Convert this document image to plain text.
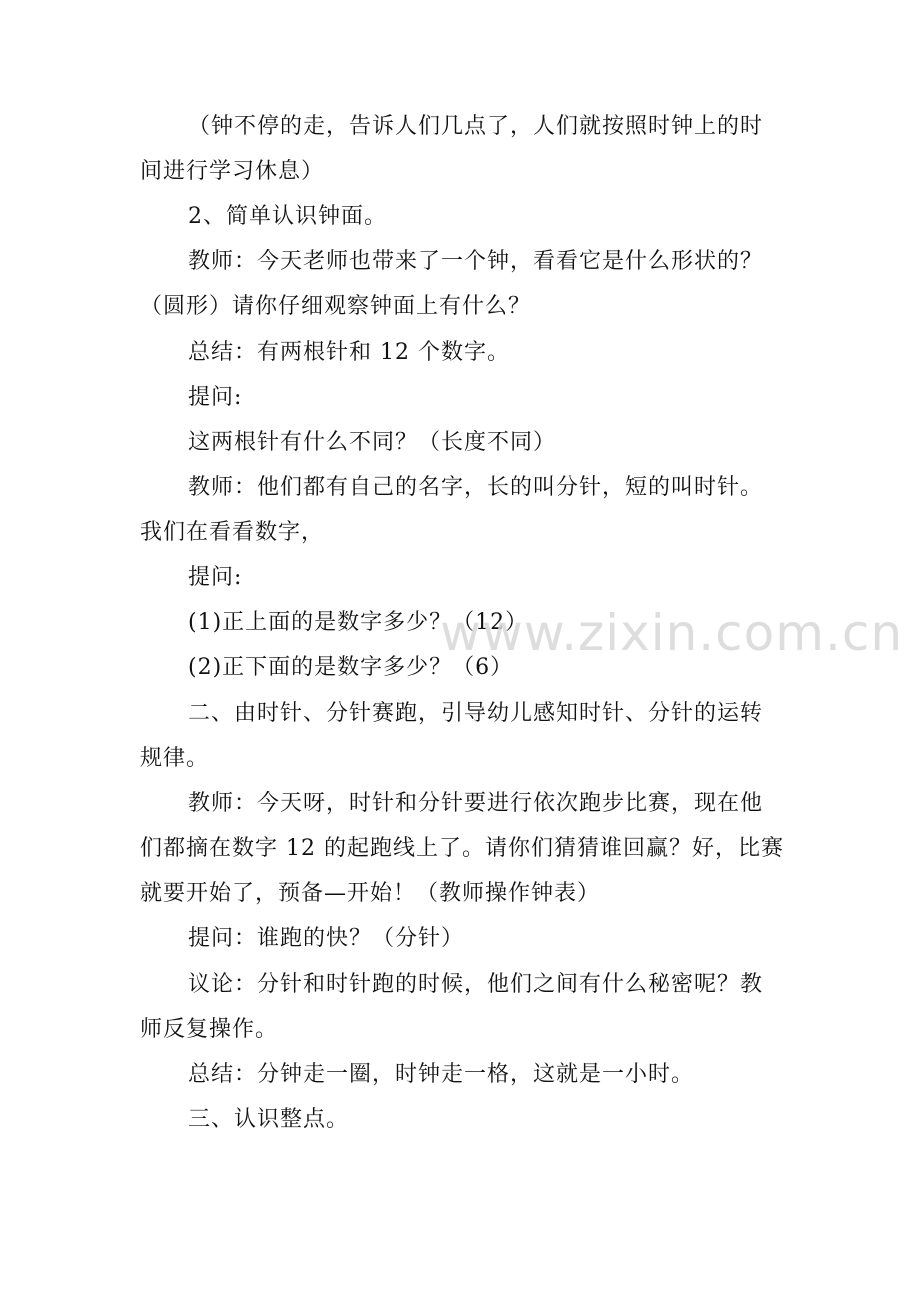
（钟不停的走，告诉人们几点了，人们就按照时钟上的时
间进行学习休息）
2、简单认识钟面。
教师：今天老师也带来了一个钟，看看它是什么形状的？
（圆形）请你仔细观察钟面上有什么？
总结：有两根针和 12 个数字。
提问:
这两根针有什么不同？（长度不同）
教师：他们都有自己的名字，长的叫分针，短的叫时针。
我们在看看数字，
提问:
(1)正上面的是数字多少？（12）
(2)正下面的是数字多少？（6）
二、由时针、分针赛跑，引导幼儿感知时针、分针的运转
规律。
教师：今天呀，时针和分针要进行依次跑步比赛，现在他
们都摘在数字 12 的起跑线上了。请你们猜猜谁回赢？好，比赛
就要开始了，预备—开始！（教师操作钟表）
提问：谁跑的快？（分针）
议论：分针和时针跑的时候，他们之间有什么秘密呢？教
师反复操作。
总结：分钟走一圈，时钟走一格，这就是一小时。
三、认识整点。
www.zixin.com.cn
